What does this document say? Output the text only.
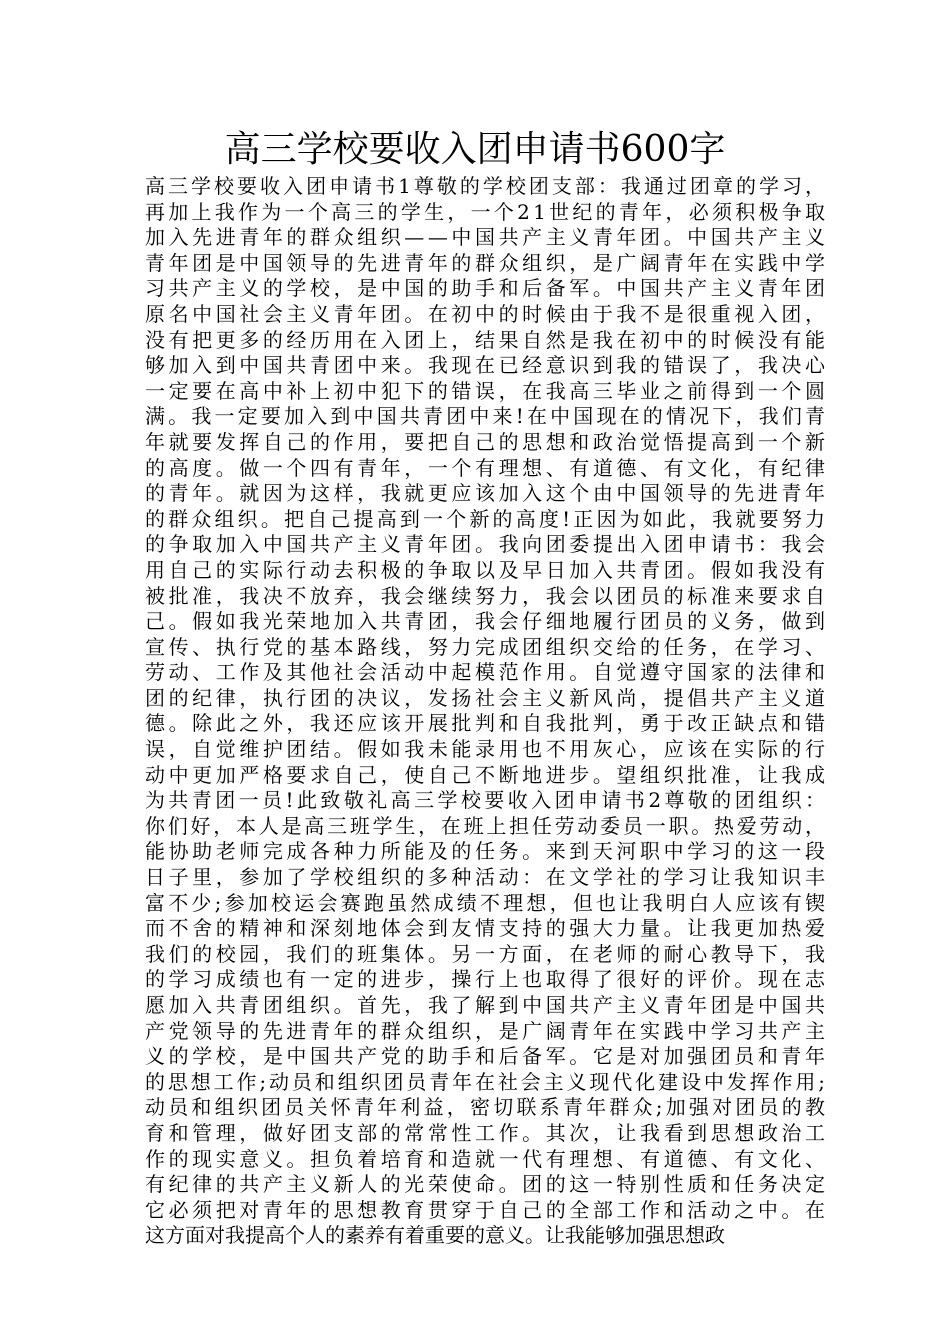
高三学校要收入团申请书600字
高三学校要收入团申请书1尊敬的学校团支部：我通过团章的学习，
再加上我作为一个高三的学生，一个21世纪的青年，必须积极争取
加入先进青年的群众组织——中国共产主义青年团。中国共产主义
青年团是中国领导的先进青年的群众组织，是广阔青年在实践中学
习共产主义的学校，是中国的助手和后备军。中国共产主义青年团
原名中国社会主义青年团。在初中的时候由于我不是很重视入团，
没有把更多的经历用在入团上，结果自然是我在初中的时候没有能
够加入到中国共青团中来。我现在已经意识到我的错误了，我决心
一定要在高中补上初中犯下的错误，在我高三毕业之前得到一个圆
满。我一定要加入到中国共青团中来!在中国现在的情况下，我们青
年就要发挥自己的作用，要把自己的思想和政治觉悟提高到一个新
的高度。做一个四有青年，一个有理想、有道德、有文化，有纪律
的青年。就因为这样，我就更应该加入这个由中国领导的先进青年
的群众组织。把自己提高到一个新的高度!正因为如此，我就要努力
的争取加入中国共产主义青年团。我向团委提出入团申请书：我会
用自己的实际行动去积极的争取以及早日加入共青团。假如我没有
被批准，我决不放弃，我会继续努力，我会以团员的标准来要求自
己。假如我光荣地加入共青团，我会仔细地履行团员的义务，做到
宣传、执行党的基本路线，努力完成团组织交给的任务，在学习、
劳动、工作及其他社会活动中起模范作用。自觉遵守国家的法律和
团的纪律，执行团的决议，发扬社会主义新风尚，提倡共产主义道
德。除此之外，我还应该开展批判和自我批判，勇于改正缺点和错
误，自觉维护团结。假如我未能录用也不用灰心，应该在实际的行
动中更加严格要求自己，使自己不断地进步。望组织批准，让我成
为共青团一员!此致敬礼高三学校要收入团申请书2尊敬的团组织：
你们好，本人是高三班学生，在班上担任劳动委员一职。热爱劳动，
能协助老师完成各种力所能及的任务。来到天河职中学习的这一段
日子里，参加了学校组织的多种活动：在文学社的学习让我知识丰
富不少;参加校运会赛跑虽然成绩不理想，但也让我明白人应该有锲
而不舍的精神和深刻地体会到友情支持的强大力量。让我更加热爱
我们的校园，我们的班集体。另一方面，在老师的耐心教导下，我
的学习成绩也有一定的进步，操行上也取得了很好的评价。现在志
愿加入共青团组织。首先，我了解到中国共产主义青年团是中国共
产党领导的先进青年的群众组织，是广阔青年在实践中学习共产主
义的学校，是中国共产党的助手和后备军。它是对加强团员和青年
的思想工作;动员和组织团员青年在社会主义现代化建设中发挥作用;
动员和组织团员关怀青年利益，密切联系青年群众;加强对团员的教
育和管理，做好团支部的常常性工作。其次，让我看到思想政治工
作的现实意义。担负着培育和造就一代有理想、有道德、有文化、
有纪律的共产主义新人的光荣使命。团的这一特别性质和任务决定
它必须把对青年的思想教育贯穿于自己的全部工作和活动之中。在
这方面对我提高个人的素养有着重要的意义。让我能够加强思想政
